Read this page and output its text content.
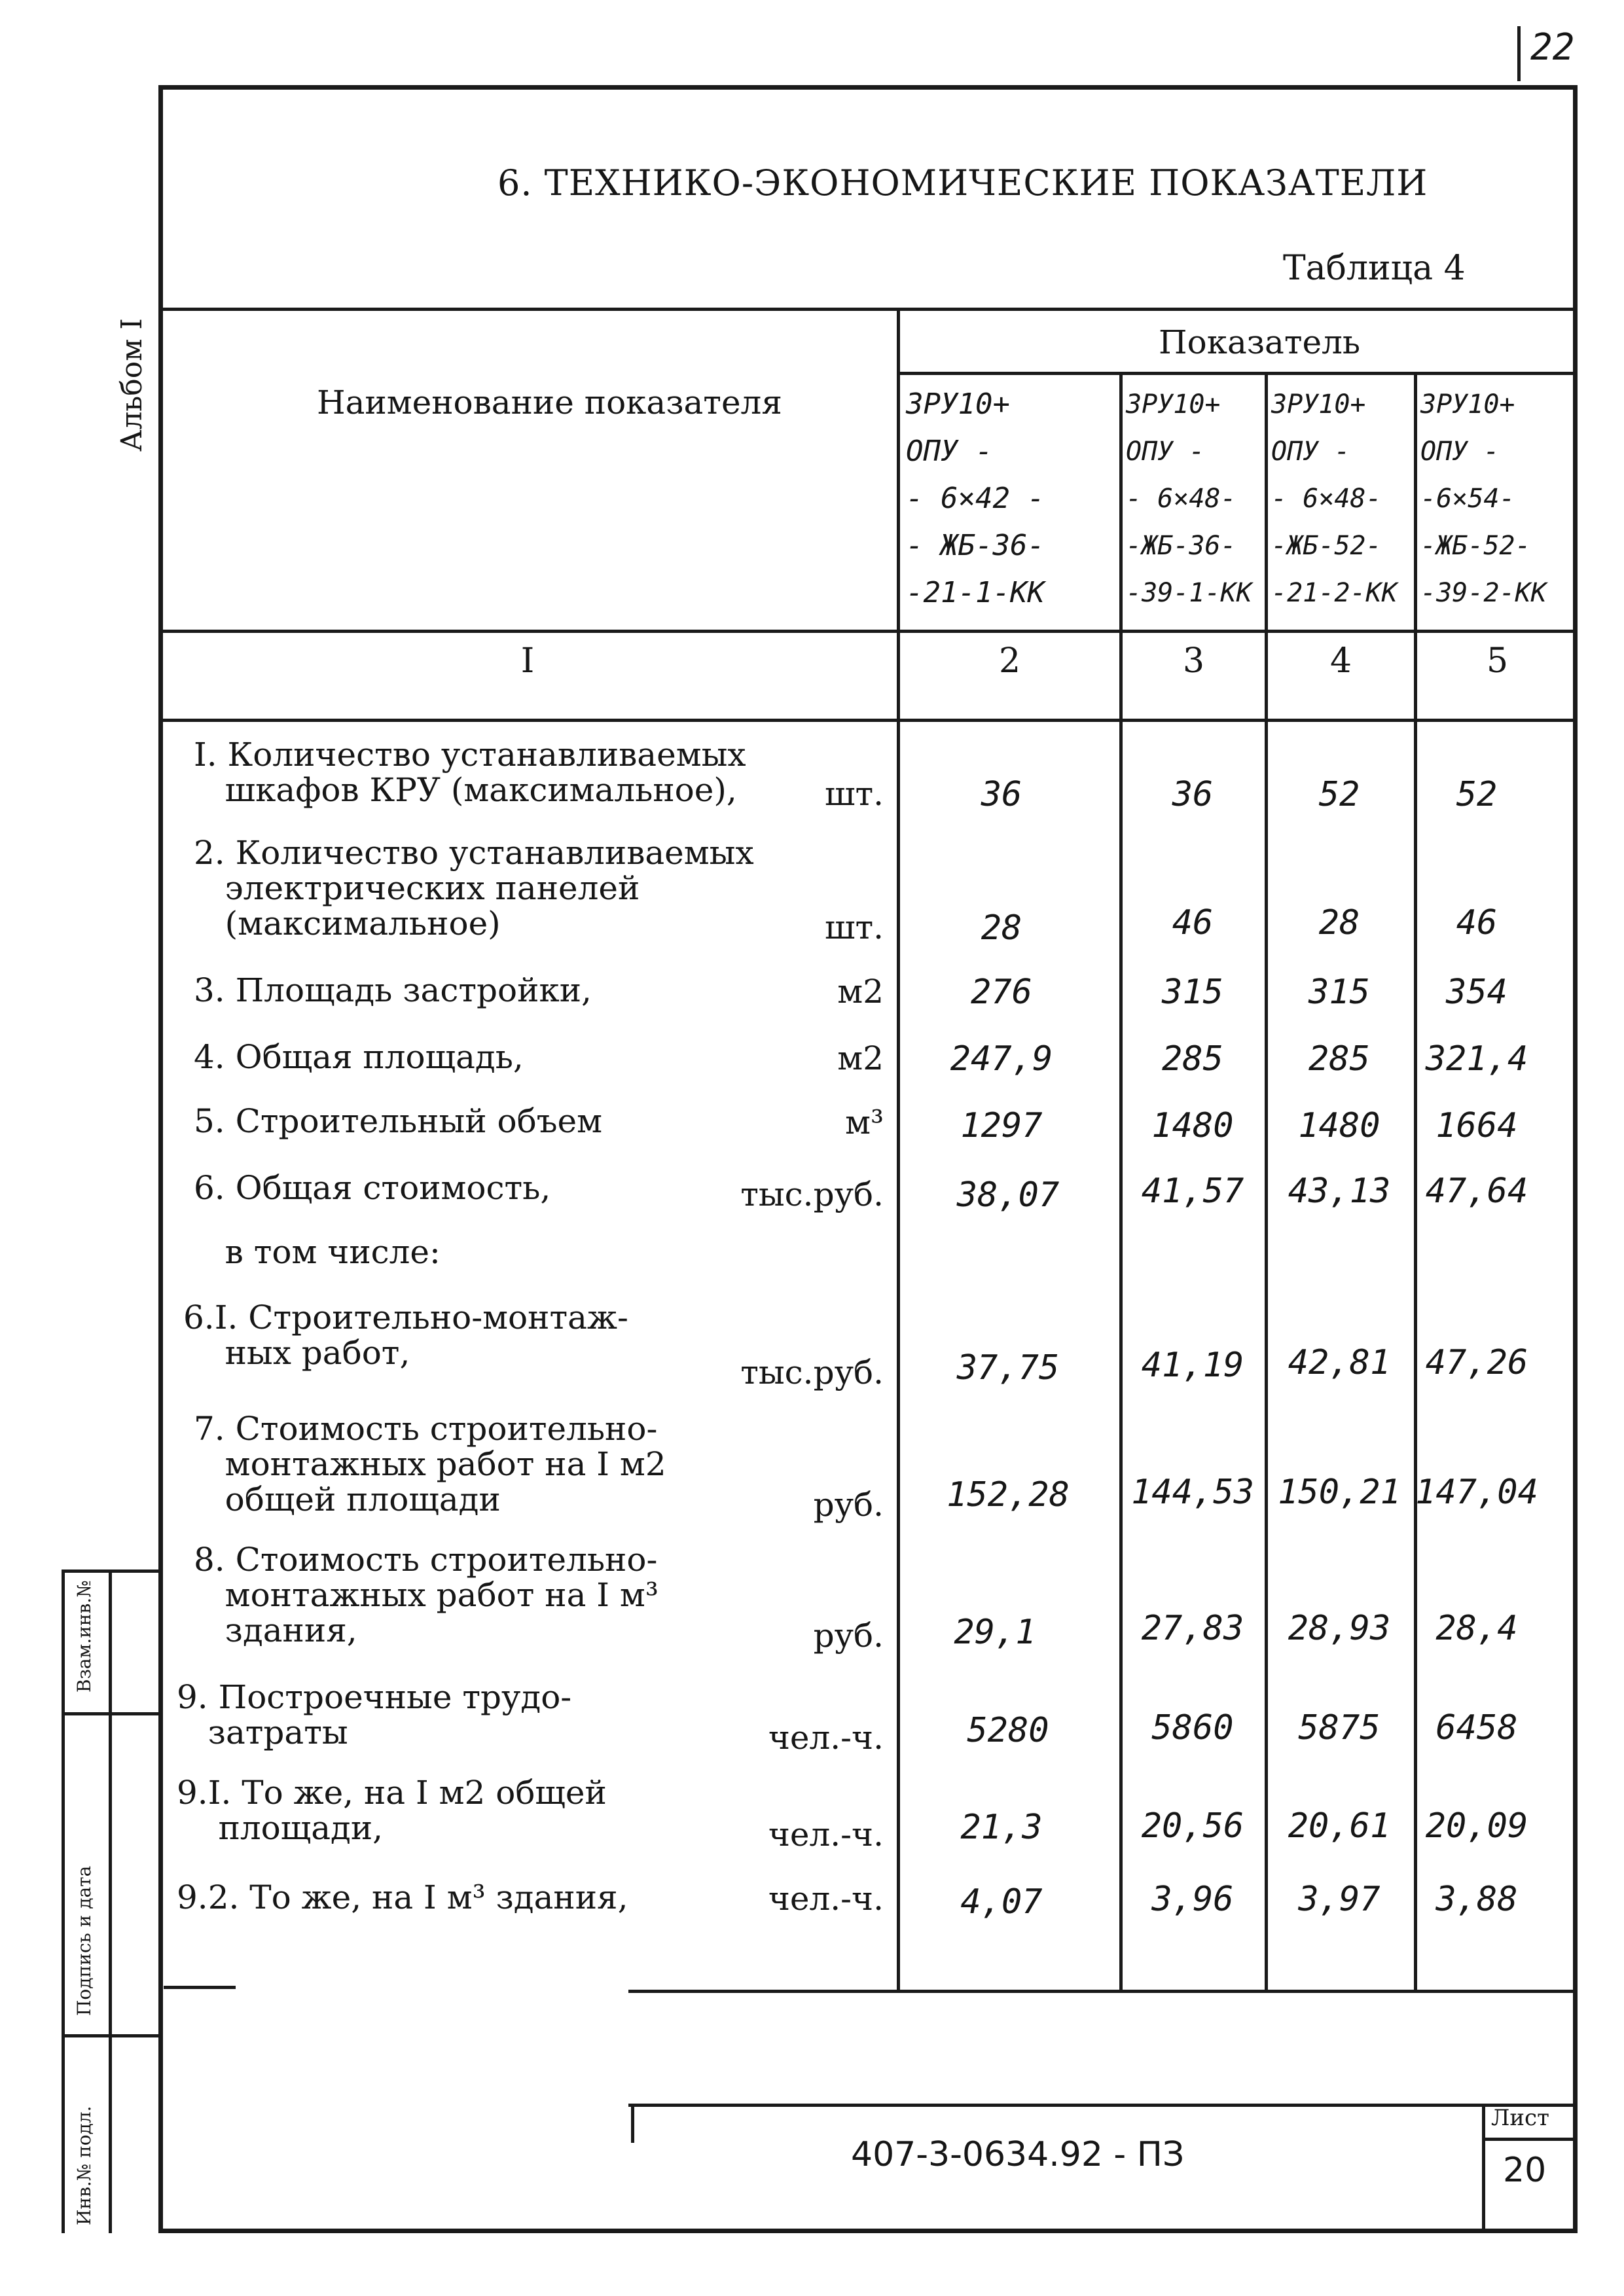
22
Альбом I
6. ТЕХНИКО-ЭКОНОМИЧЕСКИЕ ПОКАЗАТЕЛИ
Таблица 4
Наименование показателя
Показатель
3РУ10+
ОПУ -
- 6×42 -
- ЖБ-36-
-21-1-КК
3РУ10+
ОПУ -
- 6×48-
-ЖБ-36-
-39-1-КК
3РУ10+
ОПУ -
- 6×48-
-ЖБ-52-
-21-2-КК
3РУ10+
ОПУ -
-6×54-
-ЖБ-52-
-39-2-КК
I	2	3	4	5
I. Количество устанавливаемых
шкафов КРУ (максимальное),	шт.	36	36	52	52
2. Количество устанавливаемых
электрических панелей
(максимальное)	шт.	28	46	28	46
3. Площадь застройки,	м2	276	315	315	354
4. Общая площадь,	м2	247,9	285	285	321,4
5. Строительный объем	м³	1297	1480	1480	1664
6. Общая стоимость,	тыс.руб.	38,07	41,57	43,13	47,64
в том числе:
6.I. Строительно-монтаж-
ных работ,
тыс.руб.	37,75	41,19	42,81	47,26
7. Стоимость строительно-
монтажных работ на I м2
общей площади	руб.	152,28	144,53 150,21 147,04
8. Стоимость строительно-
монтажных работ на I м³
здания,	руб.	29,1	27,83	28,93	28,4
9. Построечные трудо-
затраты	чел.-ч.	5280	5860	5875	6458
9.I. То же, на I м2 общей
площади,	чел.-ч.	21,3	20,56	20,61	20,09
9.2. То же, на I м³ здания,	чел.-ч.	4,07	3,96	3,97	3,88
Взам.инв.№
Подпись и дата
Инв.№ подл.	407-3-0634.92 - ПЗ
Лист
20
